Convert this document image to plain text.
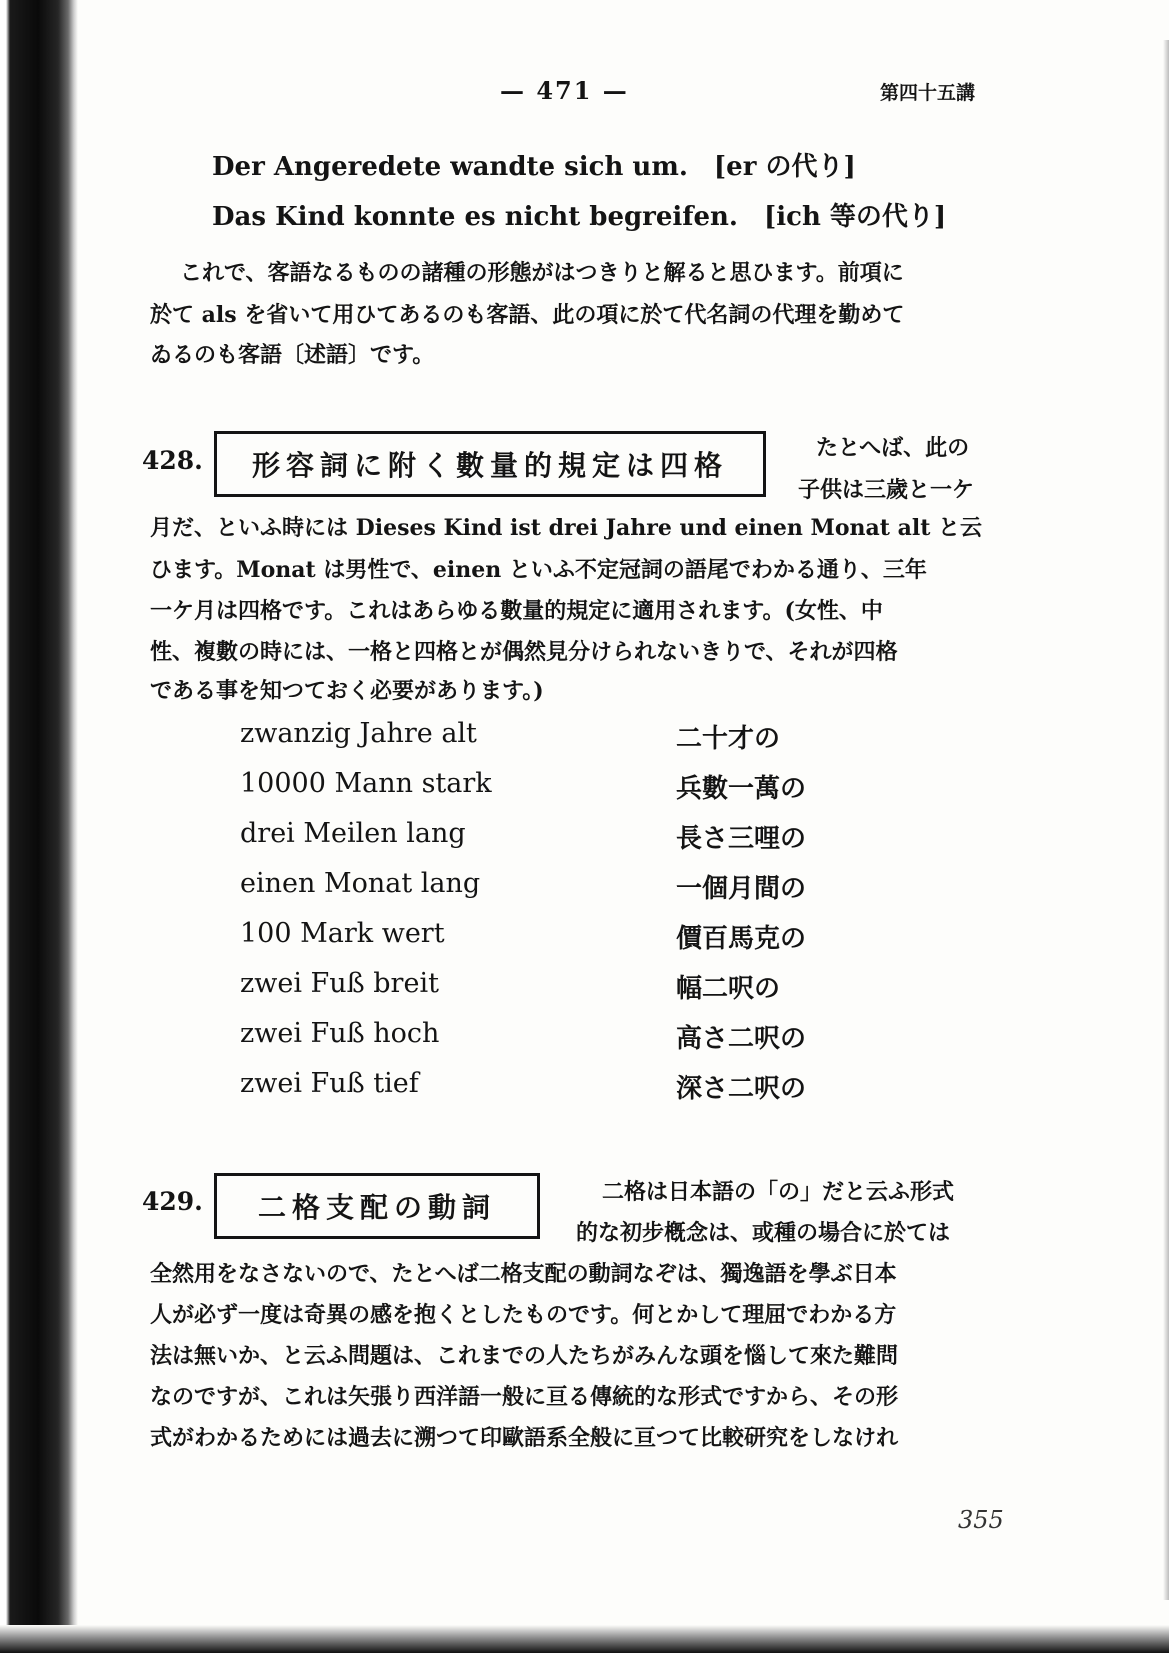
— 471 —	第四十五講
Der Angeredete wandte sich um.　[er の代り]
Das Kind konnte es nicht begreifen.　[ich 等の代り]
これで、客語なるものの諸種の形態がはつきりと解ると思ひます。前項に
於て als を省いて用ひてあるのも客語、此の項に於て代名詞の代理を勤めて
ゐるのも客語〔述語〕です。
428. 形容詞に附く數量的規定は四格
たとへば、此の
子供は三歲と一ケ
月だ、といふ時には Dieses Kind ist drei Jahre und einen Monat alt と云
ひます。Monat は男性で、einen といふ不定冠詞の語尾でわかる通り、三年
一ケ月は四格です。これはあらゆる數量的規定に適用されます。(女性、中
性、複數の時には、一格と四格とが偶然見分けられないきりで、それが四格
である事を知つておく必要があります。)
zwanzig Jahre alt	二十才の
10000 Mann stark	兵數一萬の
drei Meilen lang	長さ三哩の
einen Monat lang	一個月間の
100 Mark wert	價百馬克の
zwei Fuß breit	幅二呎の
zwei Fuß hoch	高さ二呎の
zwei Fuß tief	深さ二呎の
429. 二格支配の動詞	二格は日本語の「の」だと云ふ形式
的な初步槪念は、或種の場合に於ては
全然用をなさないので、たとへば二格支配の動詞なぞは、獨逸語を學ぶ日本
人が必ず一度は奇異の感を抱くとしたものです。何とかして理屈でわかる方
法は無いか、と云ふ問題は、これまでの人たちがみんな頭を惱して來た難問
なのですが、これは矢張り西洋語一般に亘る傳統的な形式ですから、その形
式がわかるためには過去に溯つて印歐語系全般に亘つて比較研究をしなけれ
355
